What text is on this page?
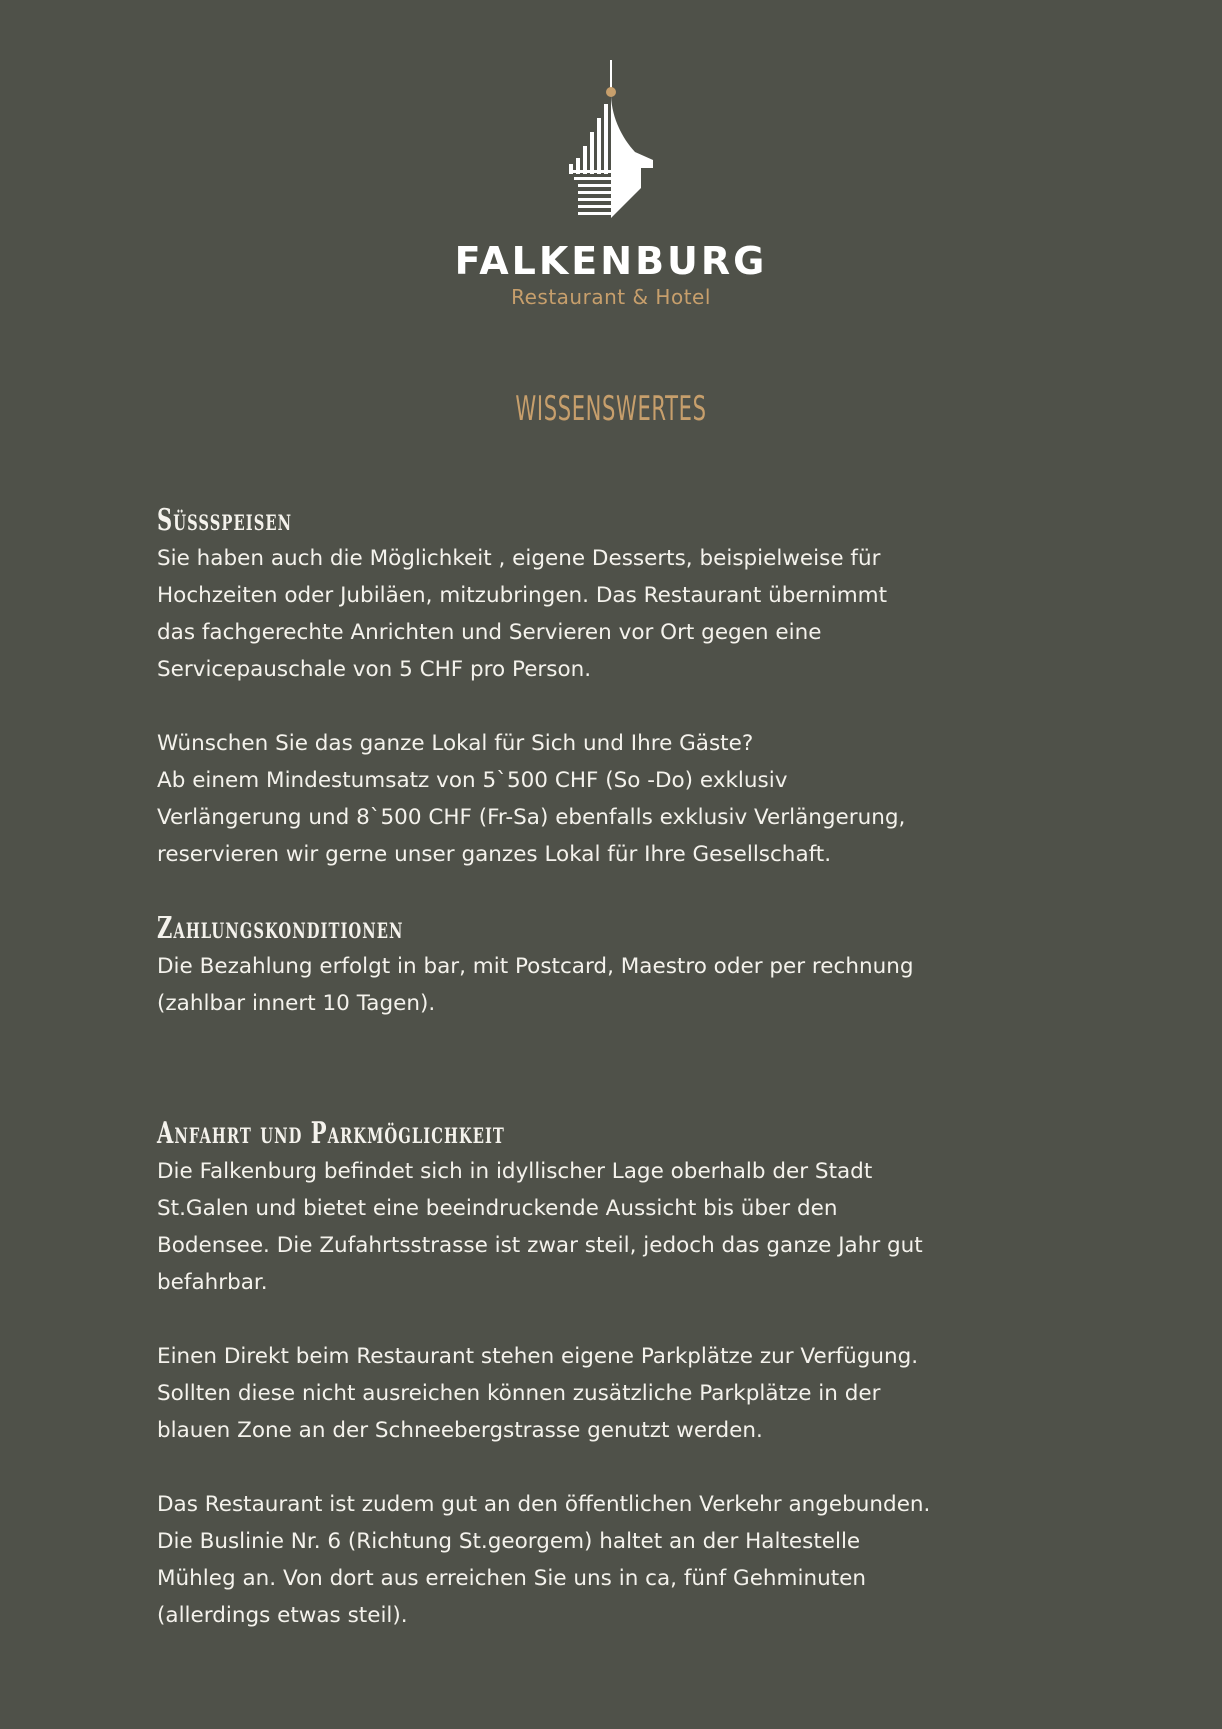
FALKENBURG
Restaurant & Hotel
WISSENSWERTES
Süssspeisen

Sie haben auch die Möglichkeit , eigene Desserts, beispielweise für
Hochzeiten oder Jubiläen, mitzubringen. Das Restaurant übernimmt
das fachgerechte Anrichten und Servieren vor Ort gegen eine
Servicepauschale von 5 CHF pro Person.

Wünschen Sie das ganze Lokal für Sich und Ihre Gäste?
Ab einem Mindestumsatz von 5`500 CHF (So -Do) exklusiv
Verlängerung und 8`500 CHF (Fr-Sa) ebenfalls exklusiv Verlängerung,
reservieren wir gerne unser ganzes Lokal für Ihre Gesellschaft.

Zahlungskonditionen

Die Bezahlung erfolgt in bar, mit Postcard, Maestro oder per rechnung
(zahlbar innert 10 Tagen).

Anfahrt und Parkmöglichkeit

Die Falkenburg befindet sich in idyllischer Lage oberhalb der Stadt
St.Galen und bietet eine beeindruckende Aussicht bis über den
Bodensee. Die Zufahrtsstrasse ist zwar steil, jedoch das ganze Jahr gut
befahrbar.

Einen Direkt beim Restaurant stehen eigene Parkplätze zur Verfügung.
Sollten diese nicht ausreichen können zusätzliche Parkplätze in der
blauen Zone an der Schneebergstrasse genutzt werden.

Das Restaurant ist zudem gut an den öffentlichen Verkehr angebunden.
Die Buslinie Nr. 6 (Richtung St.georgem) haltet an der Haltestelle
Mühleg an. Von dort aus erreichen Sie uns in ca, fünf Gehminuten
(allerdings etwas steil).
